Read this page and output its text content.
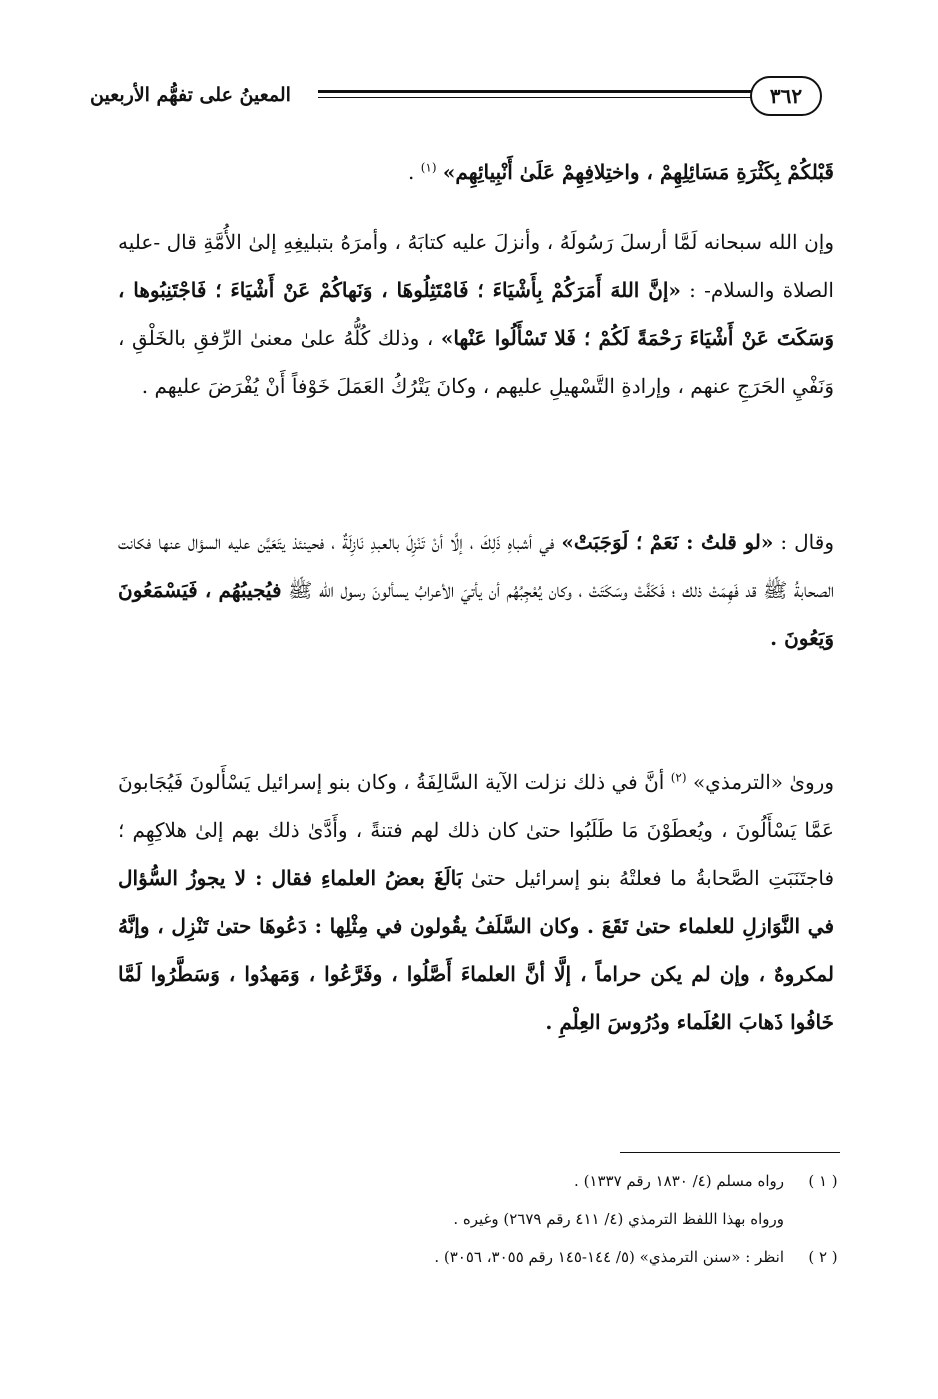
المعينُ على تفهُّم الأربعين	٣٦٢

قَبْلكُمْ بِكَثْرَةِ مَسَائِلِهِمْ ، واختِلافِهِمْ عَلَىٰ أَنْبِيائِهِم» $^{(١)}$ .

وإن الله سبحانه لَمَّا أرسلَ رَسُولَهُ ، وأنزلَ عليه كتابَهُ ، وأمرَهُ بتبليغِهِ إلىٰ الأُمَّةِ قال -عليه الصلاة والسلام- : «إنَّ اللهَ أَمَرَكُمْ بِأَشْيَاءَ ؛ فَامْتَثِلُوهَا ، وَنَهاكُمْ عَنْ أَشْيَاءَ ؛ فَاجْتَنِبُوها ، وَسَكَتَ عَنْ أَشْيَاءَ رَحْمَةً لَكُمْ ؛ فَلا تَسْأَلُوا عَنْها» ، وذلك كُلُّهُ علىٰ معنىٰ الرِّفقِ بالخَلْقِ ، وَنَفْيِ الحَرَجِ عنهم ، وإرادةِ التَّسْهيلِ عليهم ، وكانَ يَتْرُكُ العَمَلَ خَوْفاً أَنْ يُفْرَضَ عليهم .

وقال : «لو قلتُ : نَعَمْ ؛ لَوَجَبَتْ» في أشباهِ ذَلِكَ ، إلَّا أنْ تَنْزِلَ بالعبدِ نَازِلَةٌ ، فحينئذ يتَعَيَّن عليه السؤال عنها فكانت الصحابةُ ﷺ قد فَهِمَتْ ذلك ؛ فَكَفَّتْ وسَكَتَتْ ، وكان يُعْجِبُهُم أن يأتيَ الأعرابُ يسألونَ رسول الله ﷺ فيُجيبُهُم ، فَيَسْمَعُونَ وَيَعُونَ .

وروىٰ «الترمذي» $^{(٢)}$ أنَّ في ذلك نزلت الآية السَّالِفَةُ ، وكان بنو إسرائيل يَسْأَلونَ فَيُجَابونَ عَمَّا يَسْأَلُونَ ، ويُعطَوْنَ مَا طَلَبُوا حتىٰ كان ذلك لهم فتنةً ، وأَدَّىٰ ذلك بهم إلىٰ هلاكِهِم ؛ فاجتَنَبَتِ الصَّحابةُ ما فعلتْهُ بنو إسرائيل حتىٰ بَالَغَ بعضُ العلماءِ فقال : لا يجوزُ السُّؤال في النَّوَازلِ للعلماء حتىٰ تَقَعَ . وكان السَّلَفُ يقُولون في مِثْلِها : دَعُوهَا حتىٰ تَنْزِل ، وإنَّهُ لمكروهٌ ، وإن لم يكن حراماً ، إلَّا أنَّ العلماءَ أَصَّلُوا ، وفَرَّعُوا ، وَمَهدُوا ، وَسَطَّرُوا لَمَّا خَافُوا ذَهابَ العُلَماء ودُرُوسَ العِلْمِ .

( ١ )
رواه مسلم (٤/ ١٨٣٠ رقم ١٣٣٧) .
ورواه بهذا اللفظ الترمذي (٤/ ٤١١ رقم ٢٦٧٩) وغيره .
( ٢ )
انظر : «سنن الترمذي» (٥/ ١٤٤-١٤٥ رقم ٣٠٥٥، ٣٠٥٦) .
